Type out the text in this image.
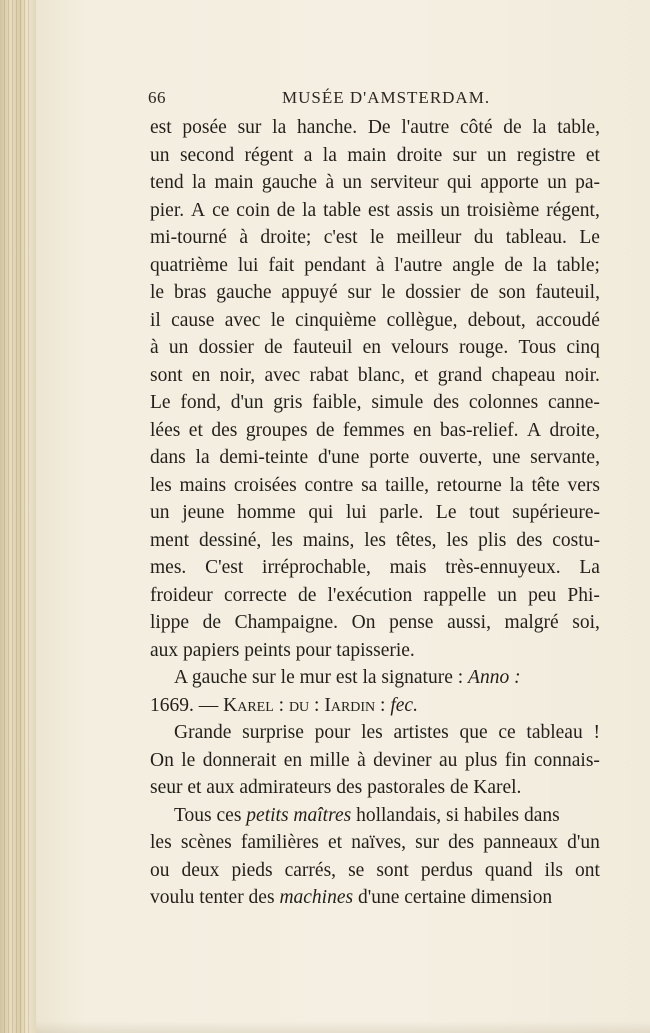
66	MUSÉE D'AMSTERDAM.
est posée sur la hanche. De l'autre côté de la table,
un second régent a la main droite sur un registre et
tend la main gauche à un serviteur qui apporte un pa-
pier. A ce coin de la table est assis un troisième régent,
mi-tourné à droite; c'est le meilleur du tableau. Le
quatrième lui fait pendant à l'autre angle de la table;
le bras gauche appuyé sur le dossier de son fauteuil,
il cause avec le cinquième collègue, debout, accoudé
à un dossier de fauteuil en velours rouge. Tous cinq
sont en noir, avec rabat blanc, et grand chapeau noir.
Le fond, d'un gris faible, simule des colonnes canne-
lées et des groupes de femmes en bas-relief. A droite,
dans la demi-teinte d'une porte ouverte, une servante,
les mains croisées contre sa taille, retourne la tête vers
un jeune homme qui lui parle. Le tout supérieure-
ment dessiné, les mains, les têtes, les plis des costu-
mes. C'est irréprochable, mais très-ennuyeux. La
froideur correcte de l'exécution rappelle un peu Phi-
lippe de Champaigne. On pense aussi, malgré soi,
aux papiers peints pour tapisserie.
A gauche sur le mur est la signature :
Anno :
1669. —
Karel
:
du
:
Iardin
:
fec.
Grande surprise pour les artistes que ce tableau !
On le donnerait en mille à deviner au plus fin connais-
seur et aux admirateurs des pastorales de Karel.
Tous ces
petits maîtres
hollandais, si habiles dans
les scènes familières et naïves, sur des panneaux d'un
ou deux pieds carrés, se sont perdus quand ils ont
voulu tenter des
machines
d'une certaine dimension
